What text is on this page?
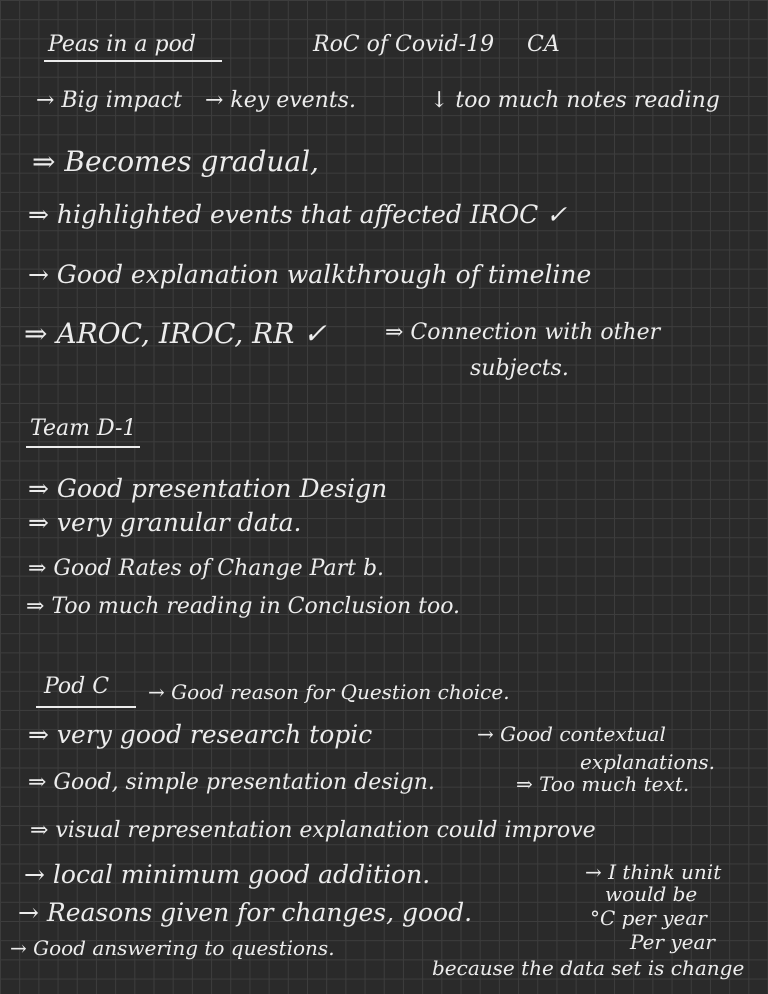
Peas in a pod	RoC of Covid-19 CA
→ Big impact → key events.	↓ too much notes reading
⇒ Becomes gradual,
⇒ highlighted events that affected IROC ✓
→ Good explanation walkthrough of timeline
⇒ AROC, IROC, RR ✓	⇒ Connection with other
subjects.
Team D-1
⇒ Good presentation Design
⇒ very granular data.
⇒ Good Rates of Change Part b.
⇒ Too much reading in Conclusion too.
Pod C → Good reason for Question choice.
⇒ very good research topic	→ Good contextual
explanations.
⇒ Good, simple presentation design.	⇒ Too much text.
⇒ visual representation explanation could improve
→ local minimum good addition.	→ I think unit
would be
→ Reasons given for changes, good.	°C per year
→ Good answering to questions.	Per year
because the data set is change
